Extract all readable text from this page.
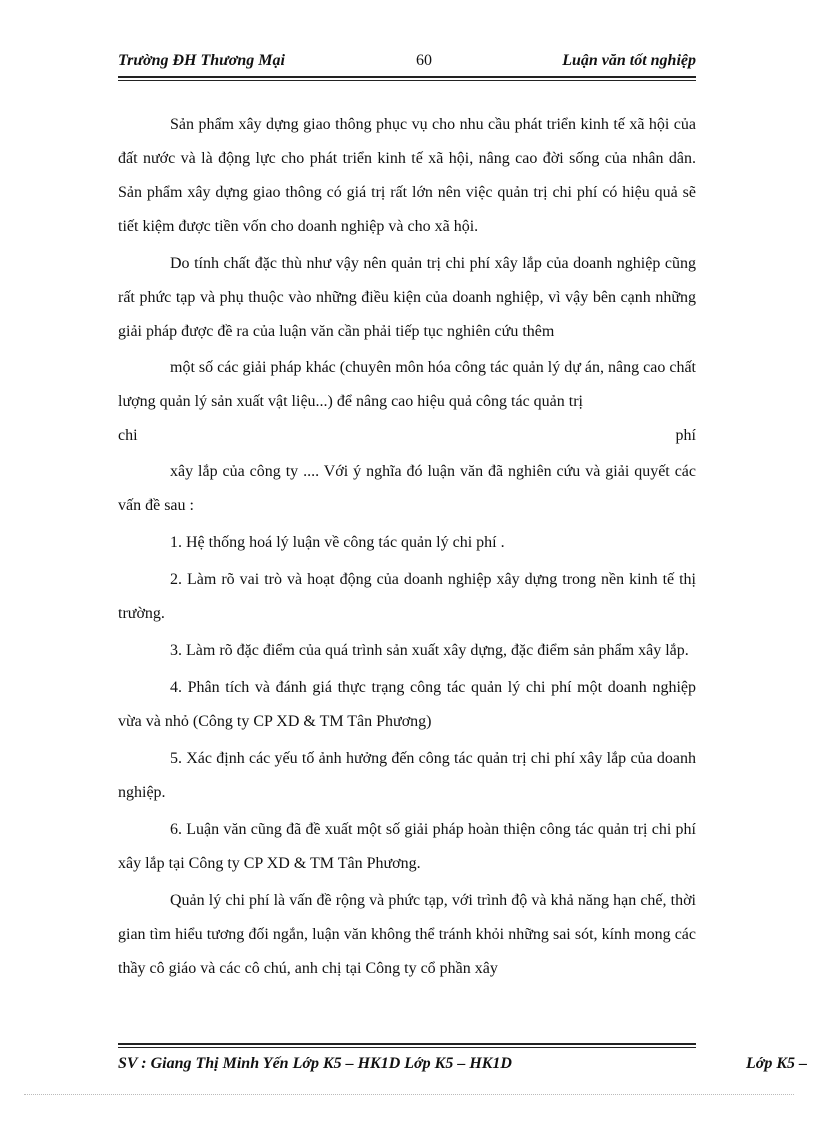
Trường ĐH Thương Mại	60	Luận văn tốt nghiệp

Sản phẩm xây dựng giao thông phục vụ cho nhu cầu phát triển kinh tế xã hội của đất nước và là động lực cho phát triển kinh tế xã hội, nâng cao đời sống của nhân dân. Sản phẩm xây dựng giao thông có giá trị rất lớn nên việc quản trị chi phí có hiệu quả sẽ tiết kiệm được tiền vốn cho doanh nghiệp và cho xã hội.

Do tính chất đặc thù như vậy nên quản trị chi phí xây lắp của doanh nghiệp cũng rất phức tạp và phụ thuộc vào những điều kiện của doanh nghiệp, vì vậy bên cạnh những giải pháp được đề ra của luận văn cần phải tiếp tục nghiên cứu thêm

một số các giải pháp khác (chuyên môn hóa công tác quản lý dự án, nâng cao chất lượng quản lý sản xuất vật liệu...) để nâng cao hiệu quả công tác quản trị

chi	phí

xây lắp của công ty .... Với ý nghĩa đó luận văn đã nghiên cứu và giải quyết các vấn đề sau :

1. Hệ thống hoá lý luận về công tác quản lý chi phí .

2. Làm rõ vai trò và hoạt động của doanh nghiệp xây dựng trong nền kinh tế thị trường.

3. Làm rõ đặc điểm của quá trình sản xuất xây dựng, đặc điểm sản phẩm xây lắp.

4. Phân tích và đánh giá thực trạng công tác quản lý chi phí một doanh nghiệp vừa và nhỏ (Công ty CP XD & TM Tân Phương)

5. Xác định các yếu tố ảnh hưởng đến công tác quản trị chi phí xây lắp của doanh nghiệp.

6. Luận văn cũng đã đề xuất một số giải pháp hoàn thiện công tác quản trị chi phí xây lắp tại Công ty CP XD & TM Tân Phương.

Quản lý chi phí là vấn đề rộng và phức tạp, với trình độ và khả năng hạn chế, thời gian tìm hiểu tương đối ngắn, luận văn không thể tránh khỏi những sai sót, kính mong các thầy cô giáo và các cô chú, anh chị tại Công ty cổ phần xây

SV : Giang Thị Minh Yến Lớp K5 – HK1D Lớp K5 – HK1D	Lớp K5 –
